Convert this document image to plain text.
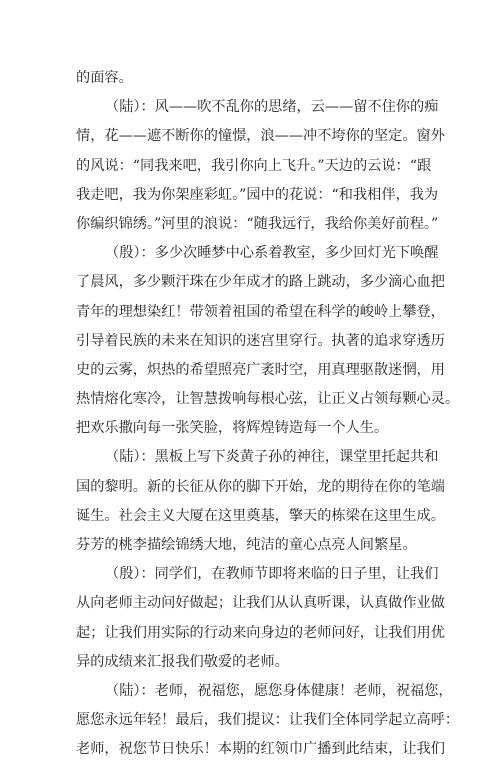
的面容。
（陆）：风——吹不乱你的思绪，云——留不住你的痴
情，花——遮不断你的憧憬，浪——冲不垮你的坚定。窗外
的风说：“同我来吧，我引你向上飞升。”天边的云说：“跟
我走吧，我为你架座彩虹。”园中的花说：“和我相伴，我为
你编织锦绣。”河里的浪说：“随我远行，我给你美好前程。”
（殷）：多少次睡梦中心系着教室，多少回灯光下唤醒
了晨风，多少颗汗珠在少年成才的路上跳动，多少滴心血把
青年的理想染红！带领着祖国的希望在科学的峻岭上攀登，
引导着民族的未来在知识的迷宫里穿行。执著的追求穿透历
史的云雾，炽热的希望照亮广袤时空，用真理驱散迷惘，用
热情熔化寒冷，让智慧拨响每根心弦，让正义占领每颗心灵。
把欢乐撒向每一张笑脸，将辉煌铸造每一个人生。
（陆）：黑板上写下炎黄子孙的神往，课堂里托起共和
国的黎明。新的长征从你的脚下开始，龙的期待在你的笔端
诞生。社会主义大厦在这里奠基，擎天的栋梁在这里生成。
芬芳的桃李描绘锦绣大地，纯洁的童心点亮人间繁星。
（殷）：同学们，在教师节即将来临的日子里，让我们
从向老师主动问好做起；让我们从认真听课，认真做作业做
起；让我们用实际的行动来向身边的老师问好，让我们用优
异的成绩来汇报我们敬爱的老师。
（陆）：老师，祝福您，愿您身体健康！老师，祝福您，
愿您永远年轻！最后，我们提议：让我们全体同学起立高呼：
老师，祝您节日快乐！本期的红领巾广播到此结束，让我们
